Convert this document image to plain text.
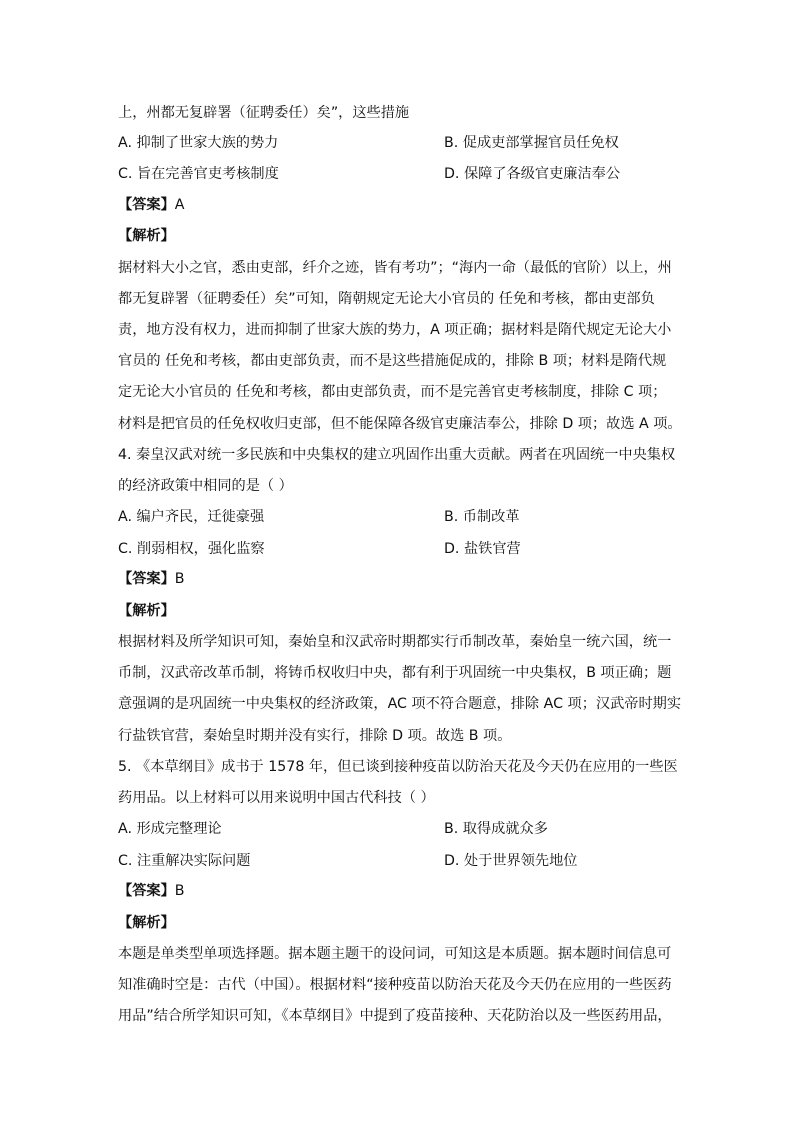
上，州都无复辟署（征聘委任）矣”，这些措施
A. 抑制了世家大族的势力	B. 促成吏部掌握官员任免权
C. 旨在完善官吏考核制度	D. 保障了各级官吏廉洁奉公
【答案】A
【解析】
据材料大小之官，悉由吏部，纤介之迹，皆有考功”；“海内一命（最低的官阶）以上，州
都无复辟署（征聘委任）矣”可知，隋朝规定无论大小官员的 任免和考核，都由吏部负
责，地方没有权力，进而抑制了世家大族的势力，A 项正确；据材料是隋代规定无论大小
官员的 任免和考核，都由吏部负责，而不是这些措施促成的，排除 B 项；材料是隋代规
定无论大小官员的 任免和考核，都由吏部负责，而不是完善官吏考核制度，排除 C 项；
材料是把官员的任免权收归吏部，但不能保障各级官吏廉洁奉公，排除 D 项；故选 A 项。
4. 秦皇汉武对统一多民族和中央集权的建立巩固作出重大贡献。两者在巩固统一中央集权
的经济政策中相同的是（ ）
A. 编户齐民，迁徙豪强	B. 币制改革
C. 削弱相权，强化监察	D. 盐铁官营
【答案】B
【解析】
根据材料及所学知识可知，秦始皇和汉武帝时期都实行币制改革，秦始皇一统六国，统一
币制，汉武帝改革币制，将铸币权收归中央，都有利于巩固统一中央集权，B 项正确；题
意强调的是巩固统一中央集权的经济政策，AC 项不符合题意，排除 AC 项；汉武帝时期实
行盐铁官营，秦始皇时期并没有实行，排除 D 项。故选 B 项。
5. 《本草纲目》成书于 1578 年，但已谈到接种疫苗以防治天花及今天仍在应用的一些医
药用品。以上材料可以用来说明中国古代科技（ ）
A. 形成完整理论	B. 取得成就众多
C. 注重解决实际问题	D. 处于世界领先地位
【答案】B
【解析】
本题是单类型单项选择题。据本题主题干的设问词，可知这是本质题。据本题时间信息可
知准确时空是：古代（中国）。根据材料“接种疫苗以防治天花及今天仍在应用的一些医药
用品”结合所学知识可知，《本草纲目》中提到了疫苗接种、天花防治以及一些医药用品，
